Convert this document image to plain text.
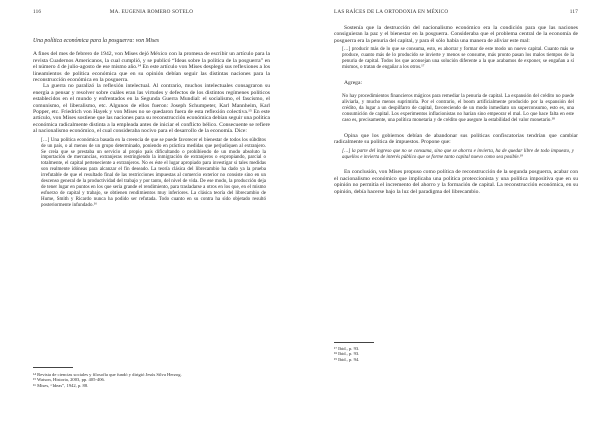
116	MA. EUGENIA ROMERO SOTELO
Una política económica para la posguerra: von Mises

A fines del mes de febrero de 1942, von Mises dejó México con la promesa de escribir un artículo para la revista Cuadernos Americanos, la cual cumplió, y se publicó “Ideas sobre la política de la posguerra” en el número 4 de julio-agosto de ese mismo año.¹⁴ En este artículo von Mises desplegó sus reflexiones a los lineamientos de política económica que en su opinión debían seguir las distintas naciones para la reconstrucción económica en la posguerra.

La guerra no paralizó la reflexión intelectual. Al contrario, muchos intelectuales consagraron su energía a pensar y resolver sobre cuáles eran las virtudes y defectos de los distintos regímenes políticos establecidos en el mundo y enfrentados en la Segunda Guerra Mundial: el socialismo, el fascismo, el comunismo, el liberalismo, etc. Algunos de ellos fueron: Joseph Schumpeter, Karl Mannheim, Karl Popper, etc. Friedrich von Hayek y von Mises no se quedaron fuera de esta reflexión colectiva.¹⁵ En este artículo, von Mises sostiene que las naciones para su reconstrucción económica debían seguir una política económica radicalmente distinta a la empleada antes de iniciar el conflicto bélico. Consecuente se refiere al nacionalismo económico, el cual consideraba nocivo para el desarrollo de la economía. Dice:

[…] Una política económica basada en la creencia de que se puede favorecer el bienestar de todos los súbditos de un país, o al menos de un grupo determinado, poniendo en práctica medidas que perjudiquen al extranjero. Se creía que se prestaba un servicio al propio país dificultando o prohibiendo de un modo absoluto la importación de mercancías, extranjeras restringiendo la inmigración de extranjeros o expropiando, parcial o totalmente, el capital perteneciente a extranjeros. No es éste el lugar apropiado para investigar si tales medidas son realmente idóneas para alcanzar el fin deseado. La teoría clásica del librecambio ha dado ya la prueba irrefutable de que el resultado final de las restricciones impuestas al comercio exterior no consiste sino en un descenso general de la productividad del trabajo y por tanto, del nivel de vida. De ese modo, la producción deja de tener lugar en puntos en los que seria grande el rendimiento, para trasladarse a otros en los que, en el mismo esfuerzo de capital y trabajo, se obtienen rendimientos muy inferiores. La clásica teoría del librecambio de Hume, Smith y Ricardo nunca ha podido ser refutada. Todo cuanto en su contra ha sido objetado resultó posteriormente infundado.¹⁶

¹⁴ Revista de ciencias sociales y filosofía que fundó y dirigió Jesús Silva Herzog.
¹⁵ Watson, Historia, 2003, pp. 405-406.
¹⁶ Mises, “Ideas”, 1942, p. 88.
LAS RAÍCES DE LA ORTODOXIA EN MÉXICO	117

Sostenía que la destrucción del nacionalismo económico era la condición para que las naciones consiguieran la paz y el bienestar en la posguerra. Consideraba que el problema central de la economía de posguerra era la penuria del capital, y para él sólo había una manera de aliviar este mal:

[…] producir más de lo que se consuma, esto, es ahorrar y formar de este modo un nuevo capital. Cuanto más se produce, cuanto más de lo producido se invierte y menos se consume, más pronto pasan los malos tiempos de la penuria de capital. Todos los que aconsejan una solución diferente a la que acabamos de exponer, se engañan a sí mismos, o tratan de engañar a los otros.¹⁷

Agrega:

No hay procedimientos financieros mágicos para remediar la penuria de capital. La expansión del crédito no puede aliviarla, y mucho menos suprimirla. Por el contrario, el boom artificialmente producido por la expansión del crédito, da lugar a un despilfarro de capital, favoreciendo de un modo inmediato un superconsumo, esto es, una consumición de capital. Los experimentos inflacionistas no harían sino empeorar el mal. Lo que hace falta en este caso es, precisamente, una política monetaria y de crédito que asegure la estabilidad del valor monetario.¹⁸

Opina que los gobiernos debían de abandonar sus políticas confiscatorias tendrían que cambiar radicalmente su política de impuestos. Propone que:

[…] la parte del ingreso que no se consuma, sino que se ahorra e invierta, ha de quedar libre de todo impuesto, y aquellos e invierta de interés público que se forme tanto capital nuevo como sea posible.¹⁹

En conclusión, von Mises propuso como política de reconstrucción de la segunda posguerra, acabar con el nacionalismo económico que implicaba una política proteccionista y una política impositiva que en su opinión no permitía el incremento del ahorro y la formación de capital. La reconstrucción económica, en su opinión, debía hacerse bajo la luz del paradigma del librecambio.

¹⁷ Ibid., p. 93.
¹⁸ Ibid., p. 93.
¹⁹ Ibid., p. 94.
